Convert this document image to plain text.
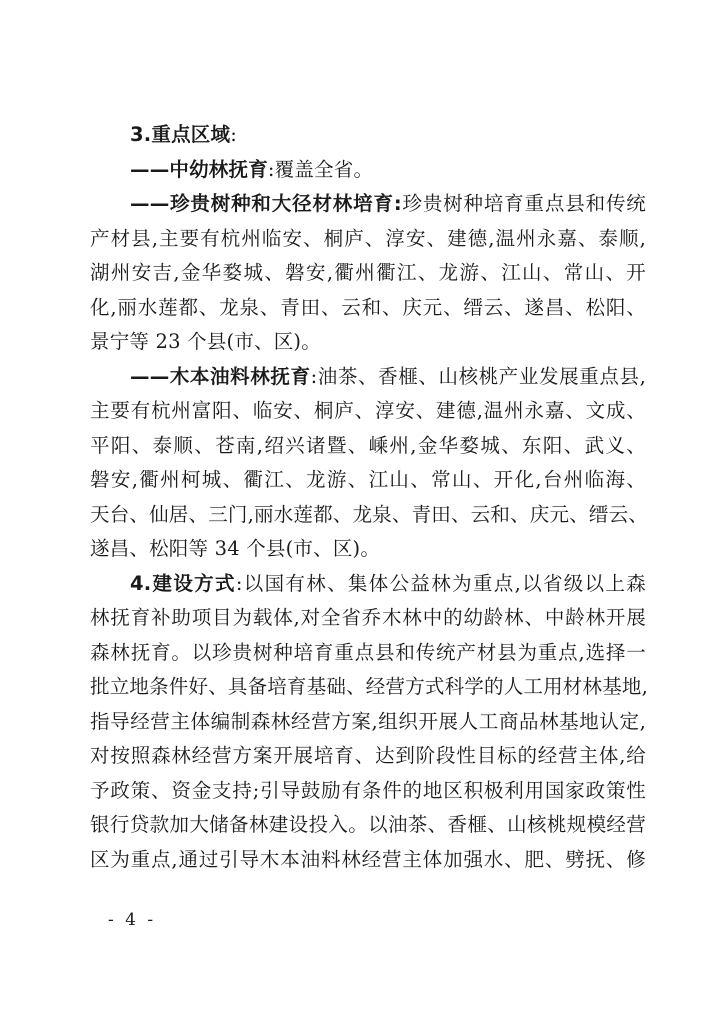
3.重点区域:
——中幼林抚育:覆盖全省。
——珍贵树种和大径材林培育:珍贵树种培育重点县和传统
产材县,主要有杭州临安、桐庐、淳安、建德,温州永嘉、泰顺,
湖州安吉,金华婺城、磐安,衢州衢江、龙游、江山、常山、开
化,丽水莲都、龙泉、青田、云和、庆元、缙云、遂昌、松阳、
景宁等 23 个县(市、区)。
——木本油料林抚育:油茶、香榧、山核桃产业发展重点县,
主要有杭州富阳、临安、桐庐、淳安、建德,温州永嘉、文成、
平阳、泰顺、苍南,绍兴诸暨、嵊州,金华婺城、东阳、武义、
磐安,衢州柯城、衢江、龙游、江山、常山、开化,台州临海、
天台、仙居、三门,丽水莲都、龙泉、青田、云和、庆元、缙云、
遂昌、松阳等 34 个县(市、区)。
4.建设方式:以国有林、集体公益林为重点,以省级以上森
林抚育补助项目为载体,对全省乔木林中的幼龄林、中龄林开展
森林抚育。以珍贵树种培育重点县和传统产材县为重点,选择一
批立地条件好、具备培育基础、经营方式科学的人工用材林基地,
指导经营主体编制森林经营方案,组织开展人工商品林基地认定,
对按照森林经营方案开展培育、达到阶段性目标的经营主体,给
予政策、资金支持;引导鼓励有条件的地区积极利用国家政策性
银行贷款加大储备林建设投入。以油茶、香榧、山核桃规模经营
区为重点,通过引导木本油料林经营主体加强水、肥、劈抚、修
- 4 -
